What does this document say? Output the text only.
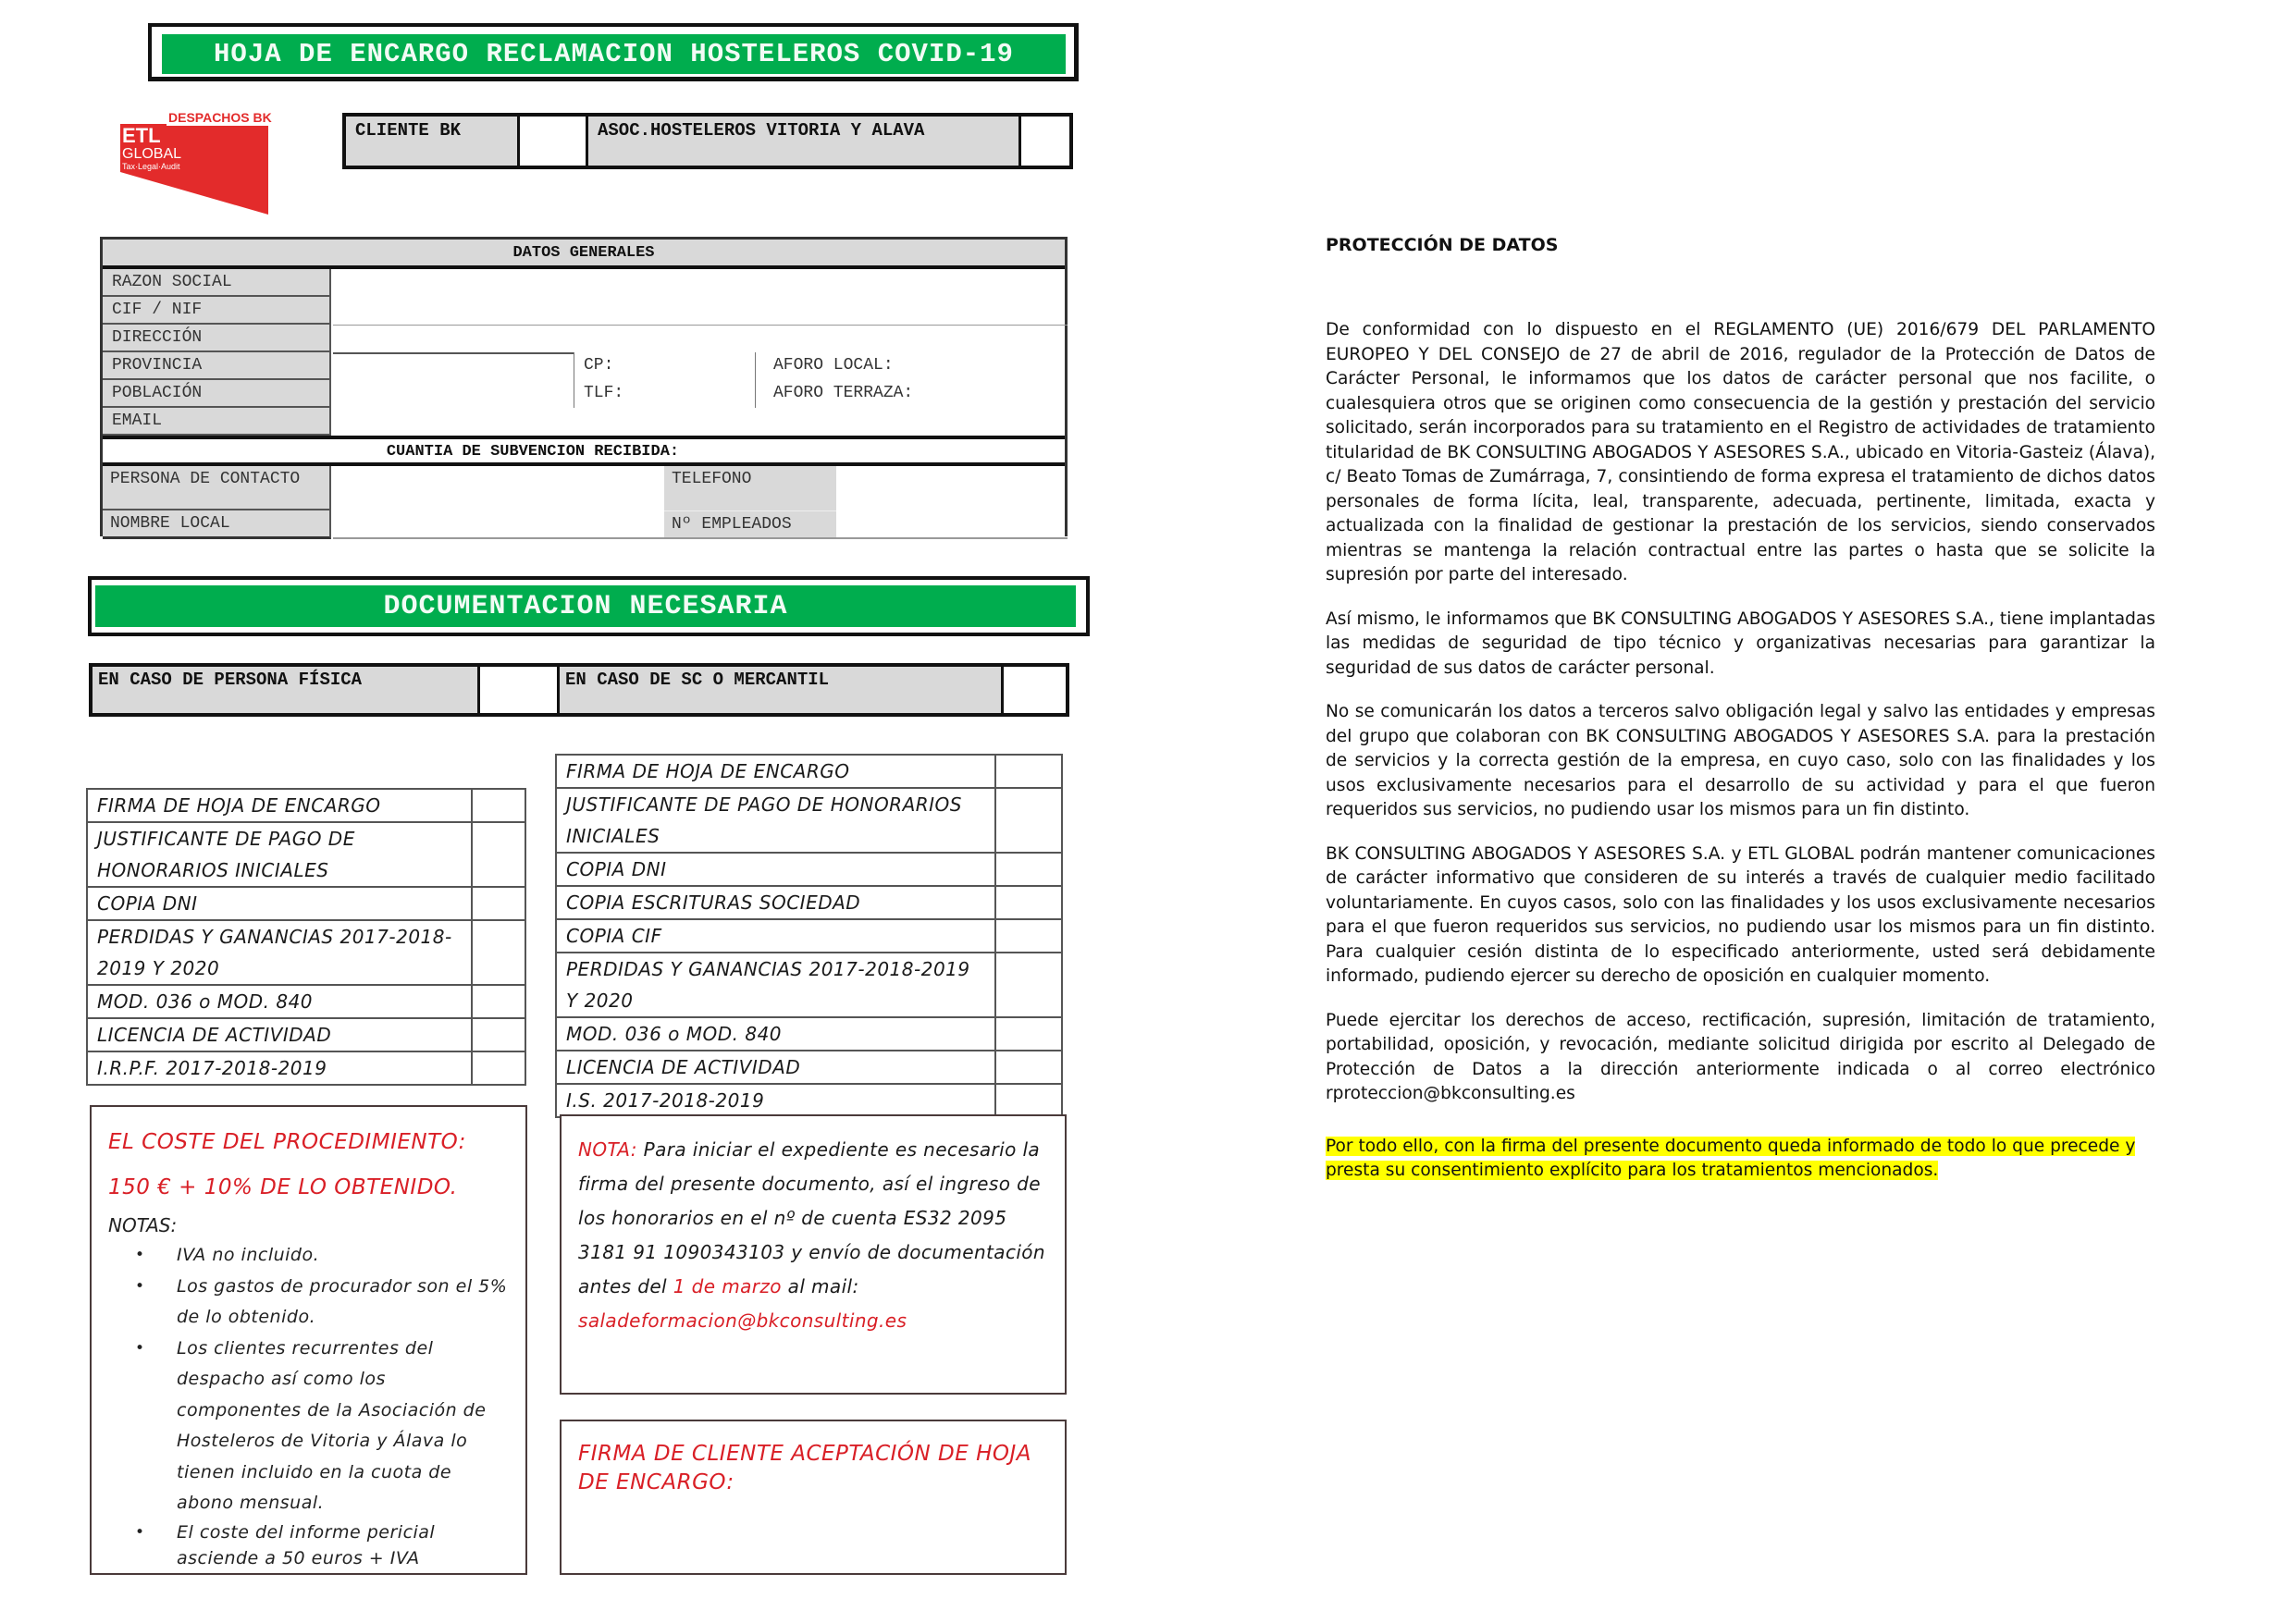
HOJA DE ENCARGO RECLAMACION HOSTELEROS COVID-19
DESPACHOS BK
ETL
GLOBAL
Tax·Legal·Audit
CLIENTE BK	ASOC.HOSTELEROS VITORIA Y ALAVA
DATOS GENERALES
RAZON SOCIAL
CIF / NIF
DIRECCIÓN
PROVINCIA
POBLACIÓN
EMAIL
CP:
TLF:
AFORO LOCAL:
AFORO TERRAZA:
CUANTIA DE SUBVENCION RECIBIDA:
PERSONA DE CONTACTO
NOMBRE LOCAL
TELEFONO
Nº EMPLEADOS
DOCUMENTACION NECESARIA
EN CASO DE PERSONA FÍSICA	EN CASO DE SC O MERCANTIL
FIRMA DE HOJA DE ENCARGO	
JUSTIFICANTE DE PAGO DE HONORARIOS INICIALES	
COPIA DNI	
PERDIDAS Y GANANCIAS 2017-2018-2019 Y 2020	
MOD. 036 o MOD. 840	
LICENCIA DE ACTIVIDAD	
I.R.P.F. 2017-2018-2019	
FIRMA DE HOJA DE ENCARGO	
JUSTIFICANTE DE PAGO DE HONORARIOS INICIALES	
COPIA DNI	
COPIA ESCRITURAS SOCIEDAD	
COPIA CIF	
PERDIDAS Y GANANCIAS 2017-2018-2019 Y 2020	
MOD. 036 o MOD. 840	
LICENCIA DE ACTIVIDAD	
I.S. 2017-2018-2019	
EL COSTE DEL PROCEDIMIENTO: 150 € + 10% DE LO OBTENIDO.
NOTAS:
• IVA no incluido.
• Los gastos de procurador son el 5% de lo obtenido.
• Los clientes recurrentes del despacho así como los componentes de la Asociación de Hosteleros de Vitoria y Álava lo tienen incluido en la cuota de abono mensual.
• El coste del informe pericial asciende a 50 euros + IVA
NOTA: Para iniciar el expediente es necesario la firma del presente documento, así el ingreso de los honorarios en el nº de cuenta ES32 2095 3181 91 1090343103 y envío de documentación antes del 1 de marzo al mail:
saladeformacion@bkconsulting.es
FIRMA DE CLIENTE ACEPTACIÓN DE HOJA DE ENCARGO:
PROTECCIÓN DE DATOS

De conformidad con lo dispuesto en el REGLAMENTO (UE) 2016/679 DEL PARLAMENTO EUROPEO Y DEL CONSEJO de 27 de abril de 2016, regulador de la Protección de Datos de Carácter Personal, le informamos que los datos de carácter personal que nos facilite, o cualesquiera otros que se originen como consecuencia de la gestión y prestación del servicio solicitado, serán incorporados para su tratamiento en el Registro de actividades de tratamiento titularidad de BK CONSULTING ABOGADOS Y ASESORES S.A., ubicado en Vitoria-Gasteiz (Álava), c/ Beato Tomas de Zumárraga, 7, consintiendo de forma expresa el tratamiento de dichos datos personales de forma lícita, leal, transparente, adecuada, pertinente, limitada, exacta y actualizada con la finalidad de gestionar la prestación de los servicios, siendo conservados mientras se mantenga la relación contractual entre las partes o hasta que se solicite la supresión por parte del interesado.

Así mismo, le informamos que BK CONSULTING ABOGADOS Y ASESORES S.A., tiene implantadas las medidas de seguridad de tipo técnico y organizativas necesarias para garantizar la seguridad de sus datos de carácter personal.

No se comunicarán los datos a terceros salvo obligación legal y salvo las entidades y empresas del grupo que colaboran con BK CONSULTING ABOGADOS Y ASESORES S.A. para la prestación de servicios y la correcta gestión de la empresa, en cuyo caso, solo con las finalidades y los usos exclusivamente necesarios para el desarrollo de su actividad y para el que fueron requeridos sus servicios, no pudiendo usar los mismos para un fin distinto.

BK CONSULTING ABOGADOS Y ASESORES S.A. y ETL GLOBAL podrán mantener comunicaciones de carácter informativo que consideren de su interés a través de cualquier medio facilitado voluntariamente. En cuyos casos, solo con las finalidades y los usos exclusivamente necesarios para el que fueron requeridos sus servicios, no pudiendo usar los mismos para un fin distinto. Para cualquier cesión distinta de lo especificado anteriormente, usted será debidamente informado, pudiendo ejercer su derecho de oposición en cualquier momento.

Puede ejercitar los derechos de acceso, rectificación, supresión, limitación de tratamiento, portabilidad, oposición, y revocación, mediante solicitud dirigida por escrito al Delegado de Protección de Datos a la dirección anteriormente indicada o al correo electrónico rproteccion@bkconsulting.es

Por todo ello, con la firma del presente documento queda informado de todo lo que precede y presta su consentimiento explícito para los tratamientos mencionados.
